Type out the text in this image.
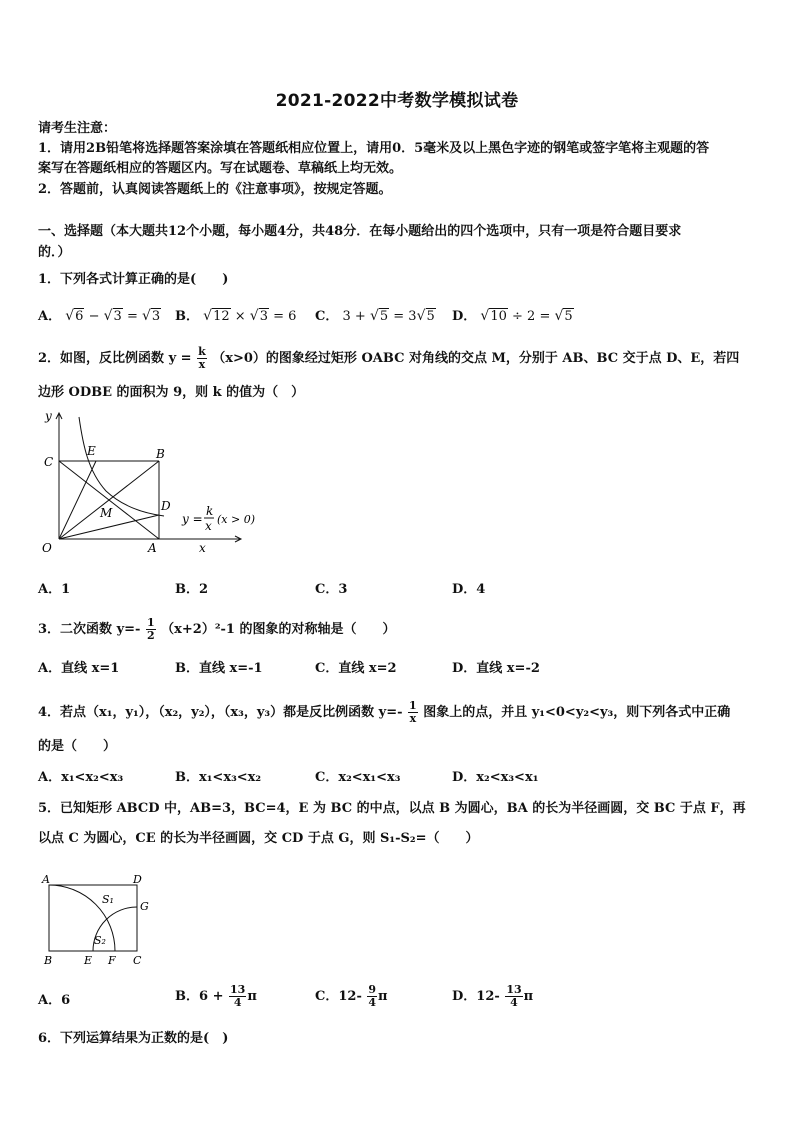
2021-2022中考数学模拟试卷
请考生注意：
1．请用2B铅笔将选择题答案涂填在答题纸相应位置上，请用0．5毫米及以上黑色字迹的钢笔或签字笔将主观题的答
案写在答题纸相应的答题区内。写在试题卷、草稿纸上均无效。
2．答题前，认真阅读答题纸上的《注意事项》，按规定答题。
一、选择题（本大题共12个小题，每小题4分，共48分．在每小题给出的四个选项中，只有一项是符合题目要求
的．）
1．下列各式计算正确的是(　　)
A． √6 − √3 = √3 B． √12 × √3 = 6 C． 3 + √5 = 3√5 D． √10 ÷ 2 = √5
2．如图，反比例函数 $y = \frac{k}{x} (x>0)$的图象经过矩形 OABC 对角线的交点 M，分别于 AB、BC 交于点 D、E，若四
边形 ODBE 的面积为 9，则 k 的值为（　）
y
x
O	A
B
C
D
E
M	y =
k
x (x > 0)
A．1	B．2	C．3	D．4
3．二次函数 $y=- \frac{1}{2} (x+2)^2-1$ 的图象的对称轴是（　　）
A．直线 x=1	B．直线 x=-1	C．直线 x=2	D．直线 x=-2
4．若点（x₁，y₁），（x₂，y₂），（x₃，y₃）都是反比例函数 $y=- \frac{1}{x}$ 图象上的点，并且 y₁<0<y₂<y₃，则下列各式中正确
的是（　　）
A．x₁<x₂<x₃	B．x₁<x₃<x₂	C．x₂<x₁<x₃	D．x₂<x₃<x₁
5．已知矩形 ABCD 中，AB=3，BC=4，E 为 BC 的中点，以点 B 为圆心，BA 的长为半径画圆，交 BC 于点 F，再
以点 C 为圆心，CE 的长为半径画圆，交 CD 于点 G，则 S₁-S₂=（　　）
A	D
G
B	E F C
S₁
S₂
A．6	B．$6 + \frac{13}{4}$ π	C．$12- \frac{9}{4}$ π	D．$12- \frac{13}{4}$ π
6．下列运算结果为正数的是(　)
